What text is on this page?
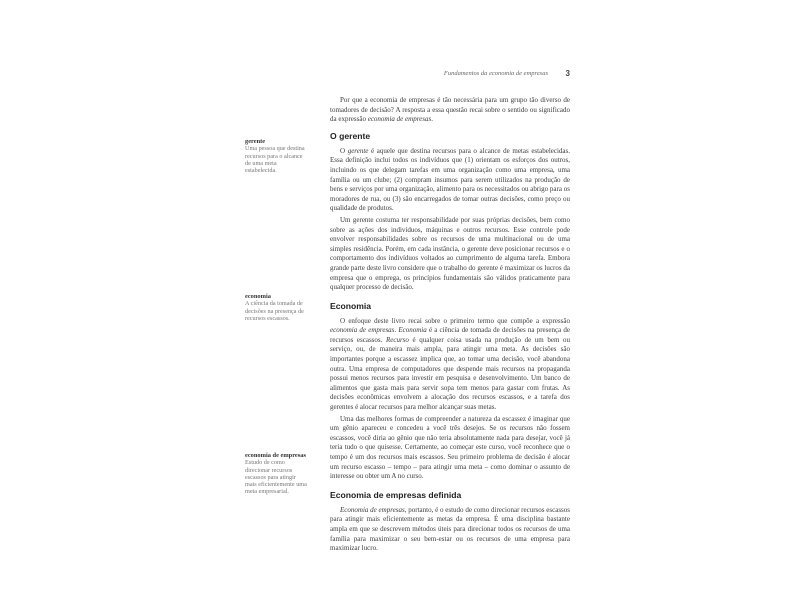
Fundamentos da economia de empresas 3
gerente
Uma pessoa que destina recursos para o alcance de uma meta estabelecida.
economia
A ciência da tomada de decisões na presença de recursos escassos.
economia de empresas
Estudo de como direcionar recursos escassos para atingir mais eficientemente uma meta empresarial.

Por que a economia de empresas é tão necessária para um grupo tão diverso de tomadores de decisão? A resposta a essa questão recai sobre o sentido ou significado da expressão economia de empresas.

O gerente

O gerente é aquele que destina recursos para o alcance de metas estabelecidas. Essa definição inclui todos os indivíduos que (1) orientam os esforços dos outros, incluindo os que delegam tarefas em uma organização como uma empresa, uma família ou um clube; (2) compram insumos para serem utilizados na produção de bens e serviços por uma organização, alimento para os necessitados ou abrigo para os moradores de rua, ou (3) são encarregados de tomar outras decisões, como preço ou qualidade de produtos.

Um gerente costuma ter responsabilidade por suas próprias decisões, bem como sobre as ações dos indivíduos, máquinas e outros recursos. Esse controle pode envolver responsabilidades sobre os recursos de uma multinacional ou de uma simples residência. Porém, em cada instância, o gerente deve posicionar recursos e o comportamento dos indivíduos voltados ao cumprimento de alguma tarefa. Embora grande parte deste livro considere que o trabalho do gerente é maximizar os lucros da empresa que o emprega, os princípios fundamentais são válidos praticamente para qualquer processo de decisão.

Economia

O enfoque deste livro recai sobre o primeiro termo que compõe a expressão economia de empresas. Economia é a ciência de tomada de decisões na presença de recursos escassos. Recurso é qualquer coisa usada na produção de um bem ou serviço, ou, de maneira mais ampla, para atingir uma meta. As decisões são importantes porque a escassez implica que, ao tomar uma decisão, você abandona outra. Uma empresa de computadores que despende mais recursos na propaganda possui menos recursos para investir em pesquisa e desenvolvimento. Um banco de alimentos que gasta mais para servir sopa tem menos para gastar com frutas. As decisões econômicas envolvem a alocação dos recursos escassos, e a tarefa dos gerentes é alocar recursos para melhor alcançar suas metas.

Uma das melhores formas de compreender a natureza da escassez é imaginar que um gênio apareceu e concedeu a você três desejos. Se os recursos não fossem escassos, você diria ao gênio que não teria absolutamente nada para desejar, você já teria tudo o que quisesse. Certamente, ao começar este curso, você reconhece que o tempo é um dos recursos mais escassos. Seu primeiro problema de decisão é alocar um recurso escasso – tempo – para atingir uma meta – como dominar o assunto de interesse ou obter um A no curso.

Economia de empresas definida

Economia de empresas, portanto, é o estudo de como direcionar recursos escassos para atingir mais eficientemente as metas da empresa. É uma disciplina bastante ampla em que se descrevem métodos úteis para direcionar todos os recursos de uma família para maximizar o seu bem-estar ou os recursos de uma empresa para maximizar lucro.
